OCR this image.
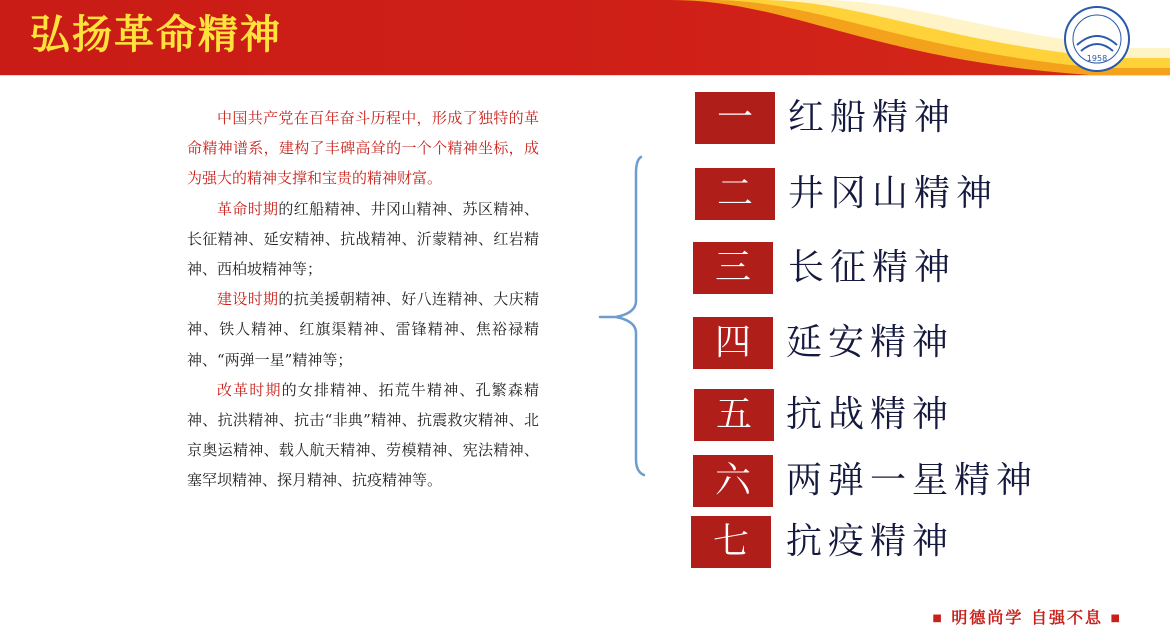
弘扬革命精神
1958

中国共产党在百年奋斗历程中，形成了独特的革命精神谱系，建构了丰碑高耸的一个个精神坐标，成为强大的精神支撑和宝贵的精神财富。

革命时期的红船精神、井冈山精神、苏区精神、长征精神、延安精神、抗战精神、沂蒙精神、红岩精神、西柏坡精神等；

建设时期的抗美援朝精神、好八连精神、大庆精神、铁人精神、红旗渠精神、雷锋精神、焦裕禄精神、“两弹一星”精神等；

改革时期的女排精神、拓荒牛精神、孔繁森精神、抗洪精神、抗击“非典”精神、抗震救灾精神、北京奥运精神、载人航天精神、劳模精神、宪法精神、塞罕坝精神、探月精神、抗疫精神等。

一 红船精神
二 井冈山精神
三	长征精神
四 延安精神
五 抗战精神
六 两弹一星精神
七	抗疫精神
■ 明德尚学 自强不息 ■
